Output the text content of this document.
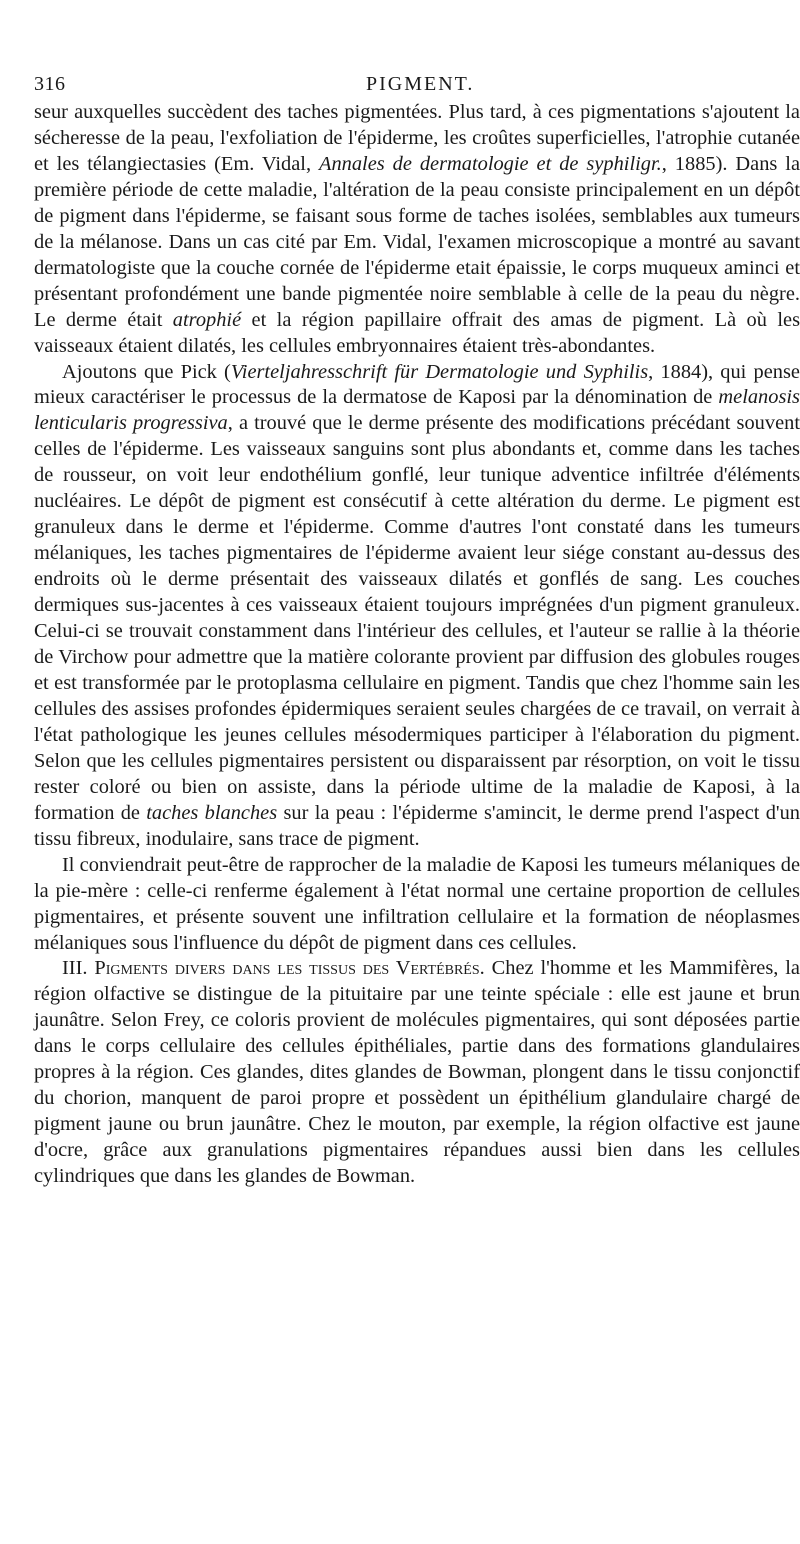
316	PIGMENT.

seur auxquelles succèdent des taches pigmentées. Plus tard, à ces pigmentations s'ajoutent la sécheresse de la peau, l'exfoliation de l'épiderme, les croûtes superficielles, l'atrophie cutanée et les télangiectasies (Em. Vidal, Annales de dermatologie et de syphiligr., 1885). Dans la première période de cette maladie, l'altération de la peau consiste principalement en un dépôt de pigment dans l'épiderme, se faisant sous forme de taches isolées, semblables aux tumeurs de la mélanose. Dans un cas cité par Em. Vidal, l'examen microscopique a montré au savant dermatologiste que la couche cornée de l'épiderme etait épaissie, le corps muqueux aminci et présentant profondément une bande pigmentée noire semblable à celle de la peau du nègre. Le derme était atrophié et la région papillaire offrait des amas de pigment. Là où les vaisseaux étaient dilatés, les cellules embryonnaires étaient très-abondantes.

Ajoutons que Pick (Vierteljahresschrift für Dermatologie und Syphilis, 1884), qui pense mieux caractériser le processus de la dermatose de Kaposi par la dénomination de melanosis lenticularis progressiva, a trouvé que le derme présente des modifications précédant souvent celles de l'épiderme. Les vaisseaux sanguins sont plus abondants et, comme dans les taches de rousseur, on voit leur endothélium gonflé, leur tunique adventice infiltrée d'éléments nucléaires. Le dépôt de pigment est consécutif à cette altération du derme. Le pigment est granuleux dans le derme et l'épiderme. Comme d'autres l'ont constaté dans les tumeurs mélaniques, les taches pigmentaires de l'épiderme avaient leur siége constant au-dessus des endroits où le derme présentait des vaisseaux dilatés et gonflés de sang. Les couches dermiques sus-jacentes à ces vaisseaux étaient toujours imprégnées d'un pigment granuleux. Celui-ci se trouvait constamment dans l'intérieur des cellules, et l'auteur se rallie à la théorie de Virchow pour admettre que la matière colorante provient par diffusion des globules rouges et est transformée par le protoplasma cellulaire en pigment. Tandis que chez l'homme sain les cellules des assises profondes épidermiques seraient seules chargées de ce travail, on verrait à l'état pathologique les jeunes cellules mésodermiques participer à l'élaboration du pigment. Selon que les cellules pigmentaires persistent ou disparaissent par résorption, on voit le tissu rester coloré ou bien on assiste, dans la période ultime de la maladie de Kaposi, à la formation de taches blanches sur la peau : l'épiderme s'amincit, le derme prend l'aspect d'un tissu fibreux, inodulaire, sans trace de pigment.

Il conviendrait peut-être de rapprocher de la maladie de Kaposi les tumeurs mélaniques de la pie-mère : celle-ci renferme également à l'état normal une certaine proportion de cellules pigmentaires, et présente souvent une infiltration cellulaire et la formation de néoplasmes mélaniques sous l'influence du dépôt de pigment dans ces cellules.

III. Pigments divers dans les tissus des Vertébrés. Chez l'homme et les Mammifères, la région olfactive se distingue de la pituitaire par une teinte spéciale : elle est jaune et brun jaunâtre. Selon Frey, ce coloris provient de molécules pigmentaires, qui sont déposées partie dans le corps cellulaire des cellules épithéliales, partie dans des formations glandulaires propres à la région. Ces glandes, dites glandes de Bowman, plongent dans le tissu conjonctif du chorion, manquent de paroi propre et possèdent un épithélium glandulaire chargé de pigment jaune ou brun jaunâtre. Chez le mouton, par exemple, la région olfactive est jaune d'ocre, grâce aux granulations pigmentaires répandues aussi bien dans les cellules cylindriques que dans les glandes de Bowman.
